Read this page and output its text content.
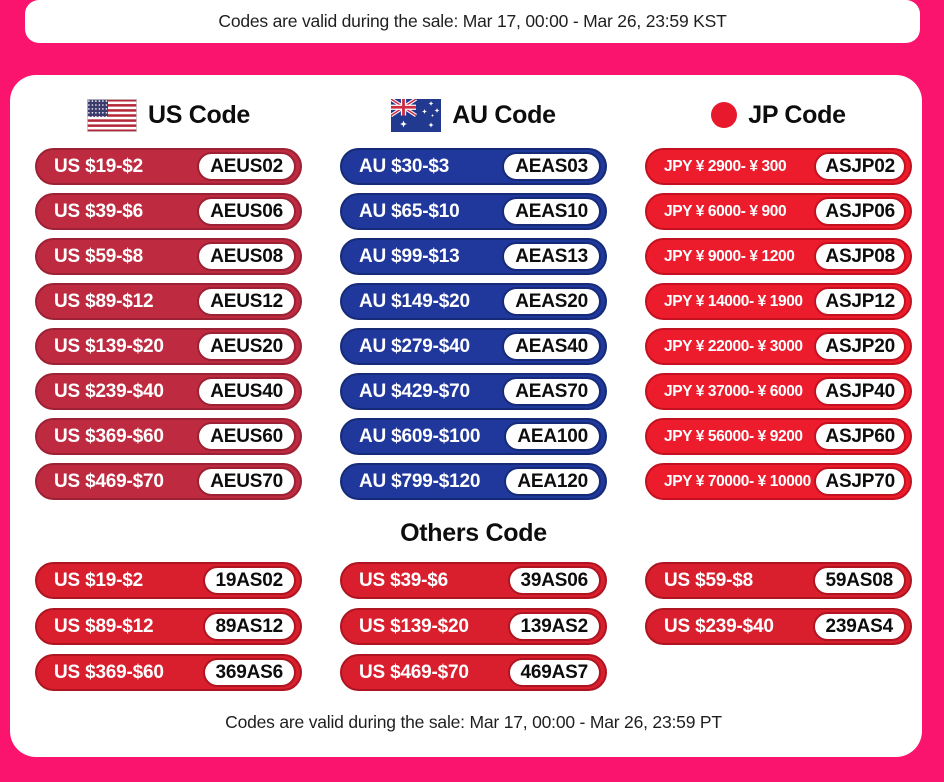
Codes are valid during the sale: Mar 17, 00:00 - Mar 26, 23:59 KST
US Code
US $19-$2	AEUS02
US $39-$6	AEUS06
US $59-$8	AEUS08
US $89-$12	AEUS12
US $139-$20	AEUS20
US $239-$40	AEUS40
US $369-$60	AEUS60
US $469-$70	AEUS70
AU Code
AU $30-$3	AEAS03
AU $65-$10	AEAS10
AU $99-$13	AEAS13
AU $149-$20	AEAS20
AU $279-$40	AEAS40
AU $429-$70	AEAS70
AU $609-$100	AEA100
AU $799-$120	AEA120
JP Code
JPY ¥ 2900- ¥ 300	ASJP02
JPY ¥ 6000- ¥ 900	ASJP06
JPY ¥ 9000- ¥ 1200	ASJP08
JPY ¥ 14000- ¥ 1900	ASJP12
JPY ¥ 22000- ¥ 3000	ASJP20
JPY ¥ 37000- ¥ 6000	ASJP40
JPY ¥ 56000- ¥ 9200	ASJP60
JPY ¥ 70000- ¥ 10000 ASJP70
Others Code
US $19-$2	19AS02	US $39-$6	39AS06	US $59-$8	59AS08
US $89-$12	89AS12	US $139-$20	139AS2	US $239-$40	239AS4
US $369-$60	369AS6	US $469-$70	469AS7
Codes are valid during the sale: Mar 17, 00:00 - Mar 26, 23:59 PT
